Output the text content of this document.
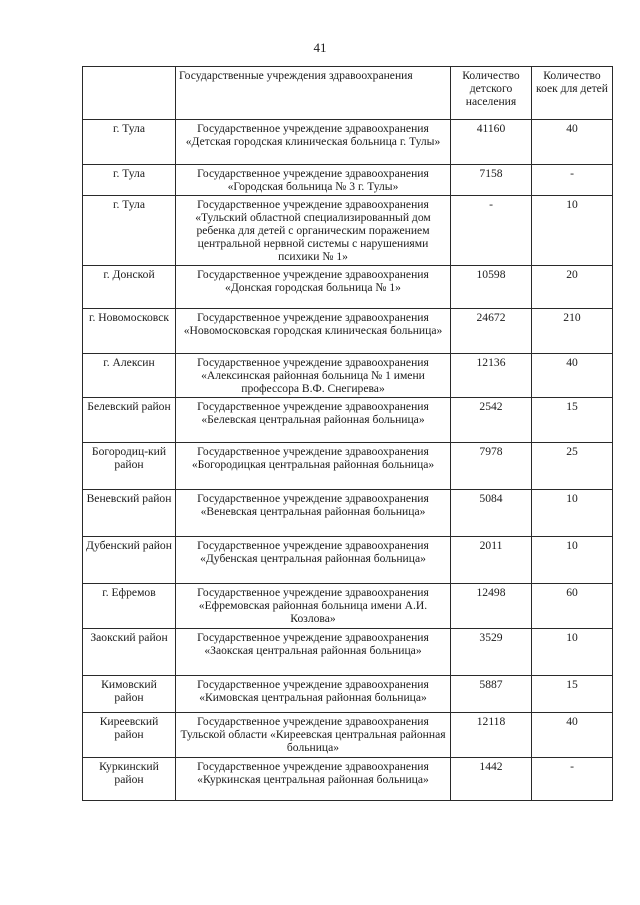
41
	Государственные учреждения здравоохранения	Количество детского населения	Количество коек для детей
г. Тула	Государственное учреждение здравоохранения «Детская городская клиническая больница г. Тулы»	41160	40
г. Тула	Государственное учреждение здравоохранения «Городская больница № 3 г. Тулы»	7158	-
г. Тула	Государственное учреждение здравоохранения «Тульский областной специализированный дом ребенка для детей с органическим поражением центральной нервной системы с нарушениями психики № 1»	-	10
г. Донской	Государственное учреждение здравоохранения «Донская городская больница № 1»	10598	20
г. Новомосковск	Государственное учреждение здравоохранения «Новомосковская городская клиническая больница»	24672	210
г. Алексин	Государственное учреждение здравоохранения «Алексинская районная больница № 1 имени профессора В.Ф. Снегирева»	12136	40
Белевский район	Государственное учреждение здравоохранения «Белевская центральная районная больница»	2542	15
Богородиц-кий район	Государственное учреждение здравоохранения «Богородицкая центральная районная больница»	7978	25
Веневский район	Государственное учреждение здравоохранения «Веневская центральная районная больница»	5084	10
Дубенский район	Государственное учреждение здравоохранения «Дубенская центральная районная больница»	2011	10
г. Ефремов	Государственное учреждение здравоохранения «Ефремовская районная больница имени А.И. Козлова»	12498	60
Заокский район	Государственное учреждение здравоохранения «Заокская центральная районная больница»	3529	10
Кимовский район	Государственное учреждение здравоохранения «Кимовская центральная районная больница»	5887	15
Киреевский район	Государственное учреждение здравоохранения Тульской области «Киреевская центральная районная больница»	12118	40
Куркинский район	Государственное учреждение здравоохранения «Куркинская центральная районная больница»	1442	-
